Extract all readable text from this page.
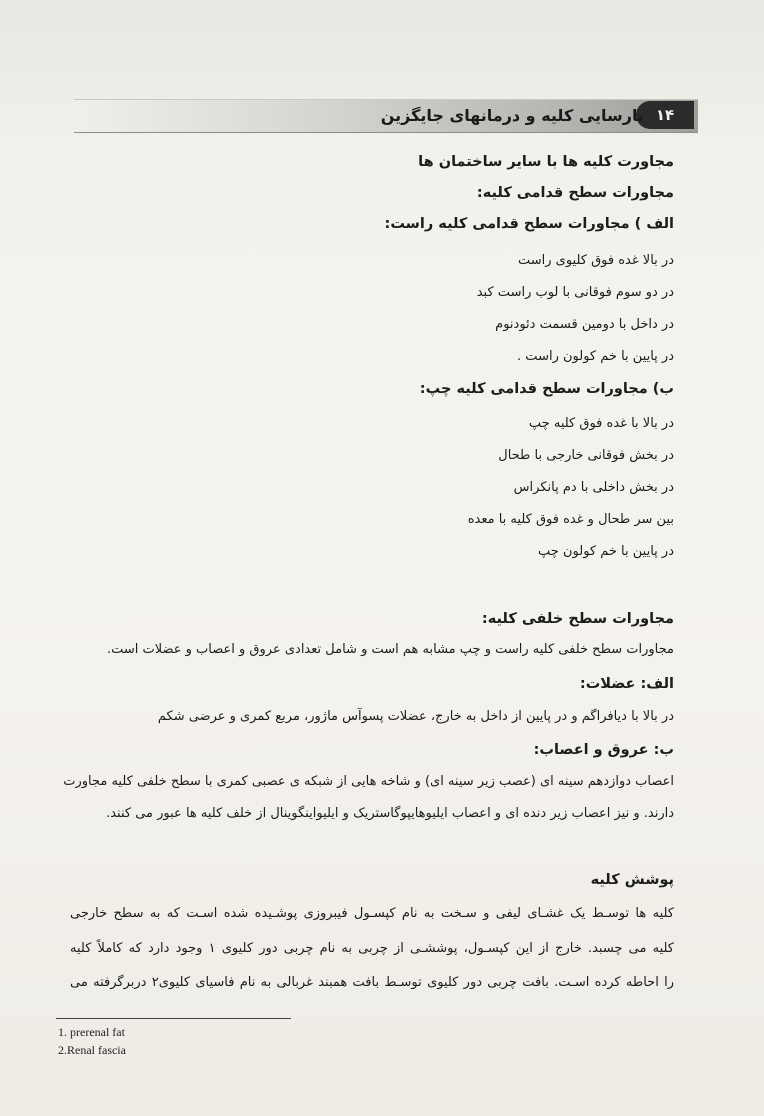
۱۴
نارسایی کلیه و درمانهای جایگزین
مجاورت کلیه ها با سایر ساختمان ها
مجاورات سطح قدامی کلیه:
الف ) مجاورات سطح قدامی کلیه راست:
در بالا غده فوق کلیوی راست
در دو سوم فوقانی با لوب راست کبد
در داخل با دومین قسمت دئودنوم
در پایین با خم کولون راست .
ب) مجاورات سطح قدامی کلیه چپ:
در بالا با غده فوق کلیه چپ
در بخش فوقانی خارجی با طحال
در بخش داخلی با دم پانکراس
بین سر طحال و غده فوق کلیه با معده
در پایین با خم کولون چپ
مجاورات سطح خلفی کلیه:
مجاورات سطح خلفی کلیه راست و چپ مشابه هم است و شامل تعدادی عروق و اعصاب و عضلات است.
الف: عضلات:
در بالا با دیافراگم و در پایین از داخل به خارج، عضلات پسوآس ماژور، مربع کمری و عرضی شکم
ب: عروق و اعصاب:
اعصاب دوازدهم سینه ای (عصب زیر سینه ای) و شاخه هایی از شبکه ی عصبی کمری با سطح خلفی کلیه مجاورت
دارند. و نیز اعصاب زیر دنده ای و اعصاب ایلیوهایپوگاستریک و ایلیواینگوینال از خلف کلیه ها عبور می کنند.
پوشش کلیه
کلیه ها توسـط یک غشـای لیفی و سـخت به نام کپسـول فیبروزی پوشـیده شده اسـت که به سطح خارجی
کلیه می چسبد. خارج از این کپسـول، پوششـی از چربی به نام چربی دور کلیوی ۱ وجود دارد که کاملاً کلیه
را احاطه کرده اسـت. بافت چربی دور کلیوی توسـط بافت همبند غربالی به نام فاسیای کلیوی۲ دربرگرفته می
1. prerenal fat
2.Renal fascia
